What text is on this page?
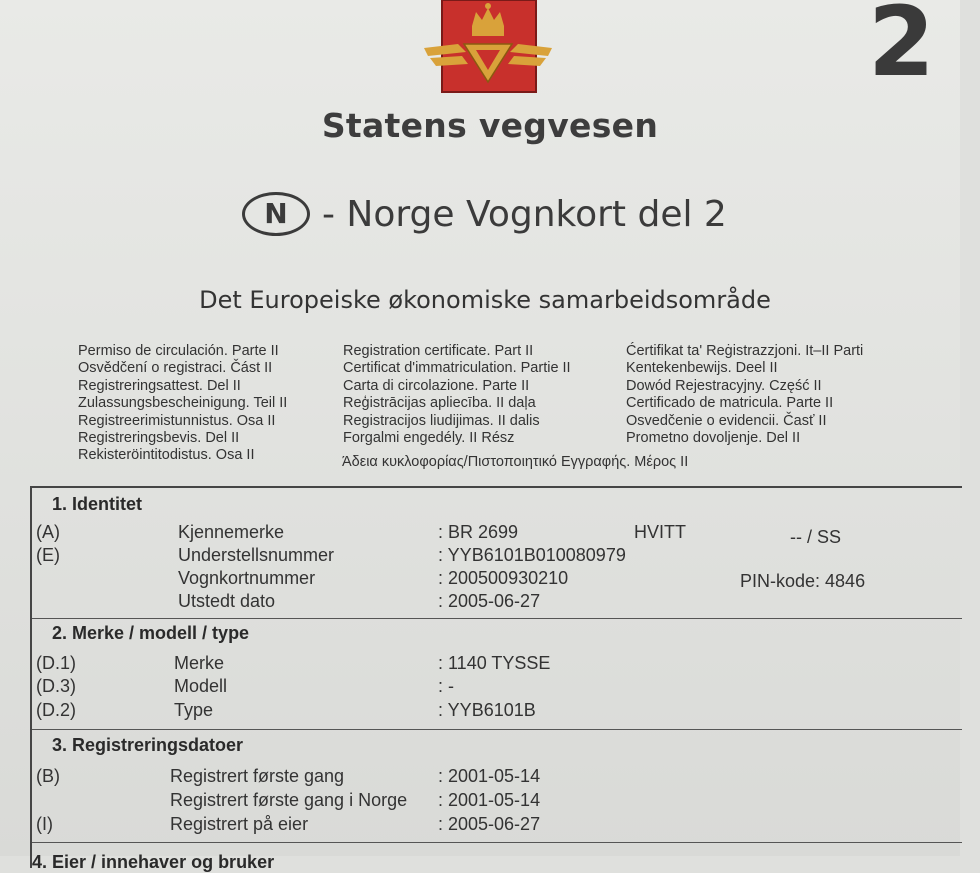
2
Statens vegvesen
N - Norge Vognkort del 2
Det Europeiske økonomiske samarbeidsområde
Permiso de circulación. Parte II
Osvědčení o registraci. Část II
Registreringsattest. Del II
Zulassungsbescheinigung. Teil II
Registreerimistunnistus. Osa II
Registreringsbevis. Del II
Rekisteröintitodistus. Osa II
Registration certificate. Part II
Certificat d'immatriculation. Partie II
Carta di circolazione. Parte II
Reģistrācijas apliecība. II daļa
Registracijos liudijimas. II dalis
Forgalmi engedély. II Rész
Ćertifikat ta' Reġistrazzjoni. It–II Parti
Kentekenbewijs. Deel II
Dowód Rejestracyjny. Część II
Certificado de matricula. Parte II
Osvedčenie o evidencii. Časť II
Prometno dovoljenje. Del II
Άδεια κυκλοφορίας/Πιστοποιητικό Εγγραφής. Μέρος II
1. Identitet
(A)	Kjennemerke	: BR 2699	HVITT	-- / SS
(E)	Understellsnummer	: YYB6101B010080979
Vognkortnummer	: 200500930210	PIN-kode: 4846
Utstedt dato	: 2005-06-27
2. Merke / modell / type
(D.1)	Merke	: 1140 TYSSE
(D.3)	Modell	: -
(D.2)	Type	: YYB6101B
3. Registreringsdatoer
(B)	Registrert første gang	: 2001-05-14
Registrert første gang i Norge : 2001-05-14
(I)	Registrert på eier	: 2005-06-27
4. Eier / innehaver og bruker
